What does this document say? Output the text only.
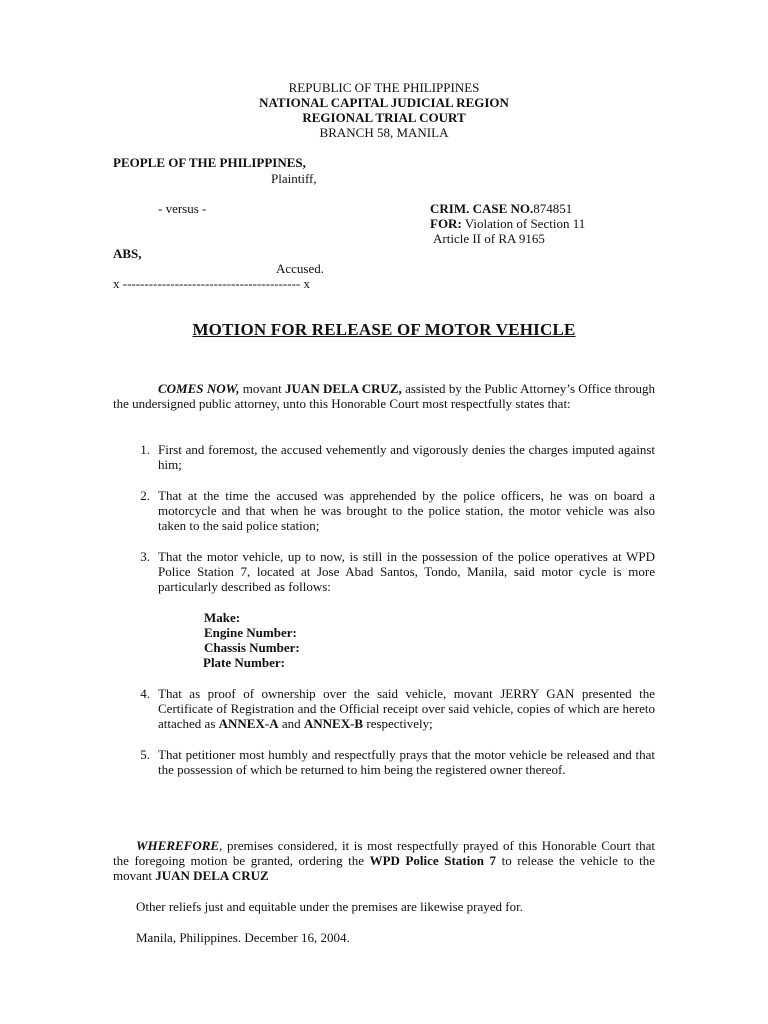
REPUBLIC OF THE PHILIPPINES
NATIONAL CAPITAL JUDICIAL REGION
REGIONAL TRIAL COURT
BRANCH 58, MANILA
PEOPLE OF THE PHILIPPINES,
Plaintiff,
- versus -	CRIM. CASE NO.874851
FOR: Violation of Section 11
Article II of RA 9165
ABS,
Accused.
x ----------------------------------------- x
MOTION FOR RELEASE OF MOTOR VEHICLE
COMES NOW, movant JUAN DELA CRUZ, assisted by the Public Attorney’s Office through the undersigned public attorney, unto this Honorable Court most respectfully states that:
1. First and foremost, the accused vehemently and vigorously denies the charges imputed against him;
2. That at the time the accused was apprehended by the police officers, he was on board a motorcycle and that when he was brought to the police station, the motor vehicle was also taken to the said police station;
3. That the motor vehicle, up to now, is still in the possession of the police operatives at WPD Police Station 7, located at Jose Abad Santos, Tondo, Manila, said motor cycle is more particularly described as follows:
Make:
Engine Number:
Chassis Number:
Plate Number:
4. That as proof of ownership over the said vehicle, movant JERRY GAN presented the Certificate of Registration and the Official receipt over said vehicle, copies of which are hereto attached as ANNEX-A and ANNEX-B respectively;
5. That petitioner most humbly and respectfully prays that the motor vehicle be released and that the possession of which be returned to him being the registered owner thereof.
WHEREFORE, premises considered, it is most respectfully prayed of this Honorable Court that the foregoing motion be granted, ordering the WPD Police Station 7 to release the vehicle to the movant JUAN DELA CRUZ
Other reliefs just and equitable under the premises are likewise prayed for.
Manila, Philippines. December 16, 2004.
